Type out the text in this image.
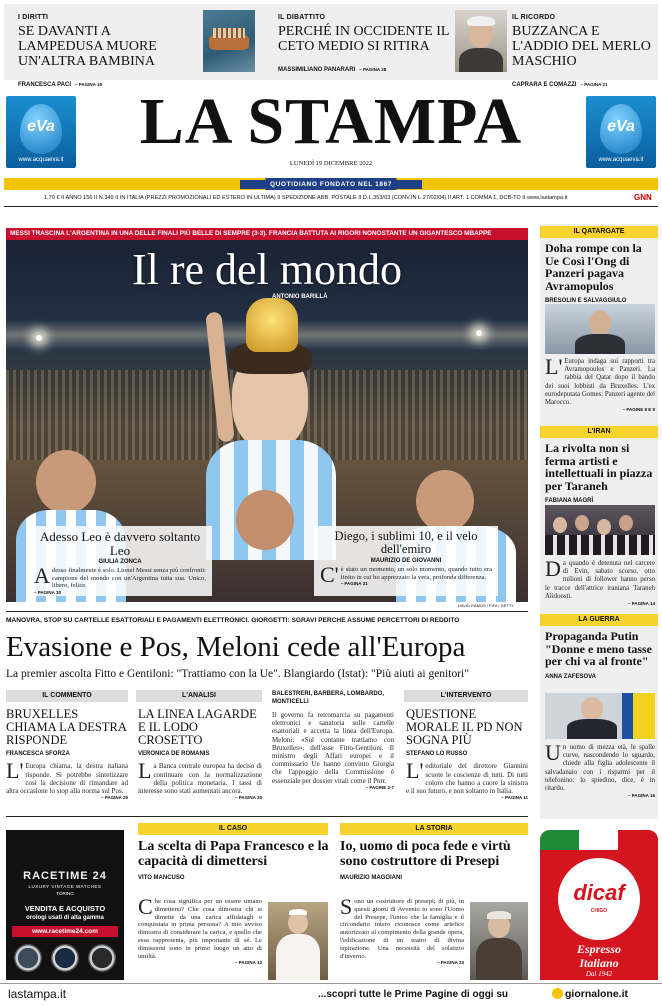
I DIRITTI
SE DAVANTI A LAMPEDUSA MUORE UN'ALTRA BAMBINA
FRANCESCA PACI – PAGINA 19
IL DIBATTITO
PERCHÉ IN OCCIDENTE IL CETO MEDIO SI RITIRA
MASSIMILIANO PANARARI – PAGINA 28
IL RICORDO
BUZZANCA E L'ADDIO DEL MERLO MASCHIO
CAPRARA E COMAZZI – PAGINA 21
eVa
www.acquaeva.it
eVa
www.acquaeva.it
LA STAMPA
LUNEDÌ 19 DICEMBRE 2022
QUOTIDIANO FONDATO NEL 1867
1,70 € II ANNO 156 II N.349 II IN ITALIA (PREZZI PROMOZIONALI ED ESTERO IN ULTIMA) II SPEDIZIONE ABB. POSTALE II D.L.353/03 (CONV.IN L.27/02/04) II ART. 1 COMMA 1, DCB-TO II www.lastampa.it	GNN
MESSI TRASCINA L'ARGENTINA IN UNA DELLE FINALI PIÙ BELLE DI SEMPRE (3-3). FRANCIA BATTUTA AI RIGORI NONOSTANTE UN GIGANTESCO MBAPPE
Il re del mondo
ANTONIO BARILLÀ
Adesso Leo è davvero soltanto Leo
GIULIA ZONCA
Adesso finalmente è solo. Lionel Messi senza più confronti: campione del mondo con un'Argentina tutta sua. Unico, libero, felice.
– PAGINA 30
Diego, i sublimi 10, e il velo dell'emiro
MAURIZIO DE GIOVANNI
C'è stato un momento, un solo momento, quando tutto era finito in cui ho apprezzato la vera, profonda differenza.
– PAGINA 31
DAVID RAMOS / FIFA / GETTY
IL QATARGATE
Doha rompe con la Ue Così l'Ong di Panzeri pagava Avramopulos
BRESOLIN E SALVAGGIULO
L'Europa indaga sui rapporti tra Avramopoulos e Panzeri. La rabbia del Qatar dopo il bando dei suoi lobbisti da Bruxelles. L'ex eurodeputata Gomes: Panzeri agente del Marocco.
– PAGINE 8 E 9
L'IRAN
La rivolta non si ferma artisti e intellettuali in piazza per Taraneh
FABIANA MAGRÌ
Da quando è detenuta nel carcere di Evin, sabato scorso, otto milioni di follower hanno perso le tracce dell'attrice iraniana Taraneh Alidoosti.
– PAGINA 14
LA GUERRA
Propaganda Putin "Donne e meno tasse per chi va al fronte"
ANNA ZAFESOVA
Un uomo di mezza età, le spalle curve, nascondendo lo sguardo, chiede alla figlia adolescente il salvadanaio con i risparmi per il telefonino: lo spiedino, dice, è in ritardo.
– PAGINA 16
MANOVRA, STOP SU CARTELLE ESATTORIALI E PAGAMENTI ELETTRONICI. GIORGETTI: SGRAVI PERCHÉ ASSUME PERCETTORI DI REDDITO
Evasione e Pos, Meloni cede all'Europa
La premier ascolta Fitto e Gentiloni: "Trattiamo con la Ue". Blangiardo (Istat): "Più aiuti ai genitori"
IL COMMENTO
BRUXELLES CHIAMA LA DESTRA RISPONDE
FRANCESCA SFORZA
L'Europa chiama, la destra italiana risponde. Si potrebbe sintetizzare così la decisione di rimandare ad altra occasione lo stop alla norma sul Pos.
– PAGINA 25
L'ANALISI
LA LINEA LAGARDE E IL LODO CROSETTO
VERONICA DE ROMANIS
La Banca centrale europea ha deciso di continuare con la normalizzazione della politica monetaria. I tassi di interesse sono stati aumentati ancora.
– PAGINA 25
BALESTRERI, BARBERA, LOMBARDO, MONTICELLI
Il governo fa retromarcia su pagamenti elettronici e sanatoria sulle cartelle esattoriali e accetta la linea dell'Europa. Meloni: «Sul contante trattiamo con Bruxelles», dell'asse Fitto-Gentiloni. Il ministro degli Affari europei e il commissario Ue hanno convinto Giorgia che l'appoggio della Commissione è essenziale per dossier vitali come il Pnrr.
– PAGINE 2-7
L'INTERVENTO
QUESTIONE MORALE IL PD NON SOGNA PIÙ
STEFANO LO RUSSO
L'editoriale del direttore Giannini scuote le coscienze di tutti. Di tutti coloro che hanno a cuore la sinistra e il suo futuro, e non soltanto in Italia.
– PAGINA 11
RACETIME 24
LUXURY VINTAGE WATCHES
TORINO
VENDITA E ACQUISTO
orologi usati di alta gamma
www.racetime24.com
IL CASO
La scelta di Papa Francesco e la capacità di dimettersi
VITO MANCUSO
Che cosa significa per un essere umano dimettersi? Che cosa dimostra chi si dimette da una carica affidatagli o conquistata in prima persona? A mio avviso dimostra di considerare la carica, e quello che essa rappresenta, più importante di sé. Le dimissioni sono in primo luogo un atto di umiltà.
– PAGINA 13
LA STORIA
Io, uomo di poca fede e virtù sono costruttore di Presepi
MAURIZIO MAGGIANI
Sono un costruttore di presepi; di più, in questi giorni di Avvento io sono l'Uomo del Presepe, l'unico che la famiglia e il circondario intero riconosce come artefice autorizzato al compimento della grande opera, l'edificazione di un teatro di divina ispirazione. Una necessità del solstizio d'inverno.
– PAGINA 23
dicaf
CHIGO
Espresso
Italiano
Dal 1942
lastampa.it	...scopri tutte le Prime Pagine di oggi su	giornalone.it
